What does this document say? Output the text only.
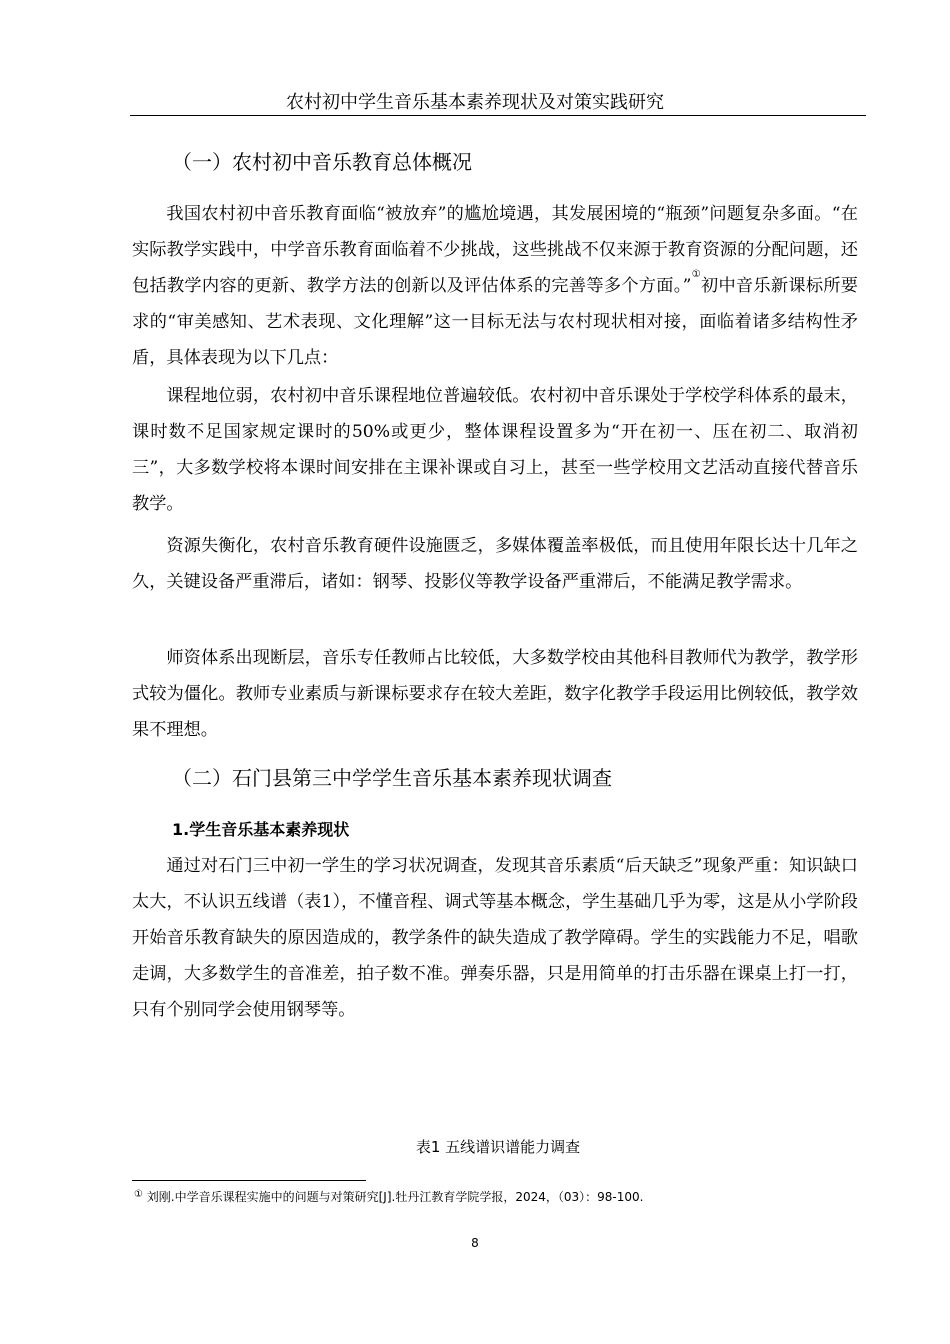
农村初中学生音乐基本素养现状及对策实践研究
（一）农村初中音乐教育总体概况

我国农村初中音乐教育面临“被放弃”的尴尬境遇，其发展困境的“瓶颈”问题复杂多面。“在实际教学实践中，中学音乐教育面临着不少挑战，这些挑战不仅来源于教育资源的分配问题，还包括教学内容的更新、教学方法的创新以及评估体系的完善等多个方面。”①初中音乐新课标所要求的“审美感知、艺术表现、文化理解”这一目标无法与农村现状相对接，面临着诸多结构性矛盾，具体表现为以下几点：

课程地位弱，农村初中音乐课程地位普遍较低。农村初中音乐课处于学校学科体系的最末，课时数不足国家规定课时的50%或更少，整体课程设置多为“开在初一、压在初二、取消初三”，大多数学校将本课时间安排在主课补课或自习上，甚至一些学校用文艺活动直接代替音乐教学。

资源失衡化，农村音乐教育硬件设施匮乏，多媒体覆盖率极低，而且使用年限长达十几年之久，关键设备严重滞后，诸如：钢琴、投影仪等教学设备严重滞后，不能满足教学需求。

师资体系出现断层，音乐专任教师占比较低，大多数学校由其他科目教师代为教学，教学形式较为僵化。教师专业素质与新课标要求存在较大差距，数字化教学手段运用比例较低，教学效果不理想。

（二）石门县第三中学学生音乐基本素养现状调查
1.学生音乐基本素养现状

通过对石门三中初一学生的学习状况调查，发现其音乐素质“后天缺乏”现象严重：知识缺口太大，不认识五线谱（表1），不懂音程、调式等基本概念，学生基础几乎为零，这是从小学阶段开始音乐教育缺失的原因造成的，教学条件的缺失造成了教学障碍。学生的实践能力不足，唱歌走调，大多数学生的音准差，拍子数不准。弹奏乐器，只是用简单的打击乐器在课桌上打一打，只有个别同学会使用钢琴等。

表1 五线谱识谱能力调查
① 刘刚.中学音乐课程实施中的问题与对策研究[J].牡丹江教育学院学报，2024，（03）：98-100.
8
